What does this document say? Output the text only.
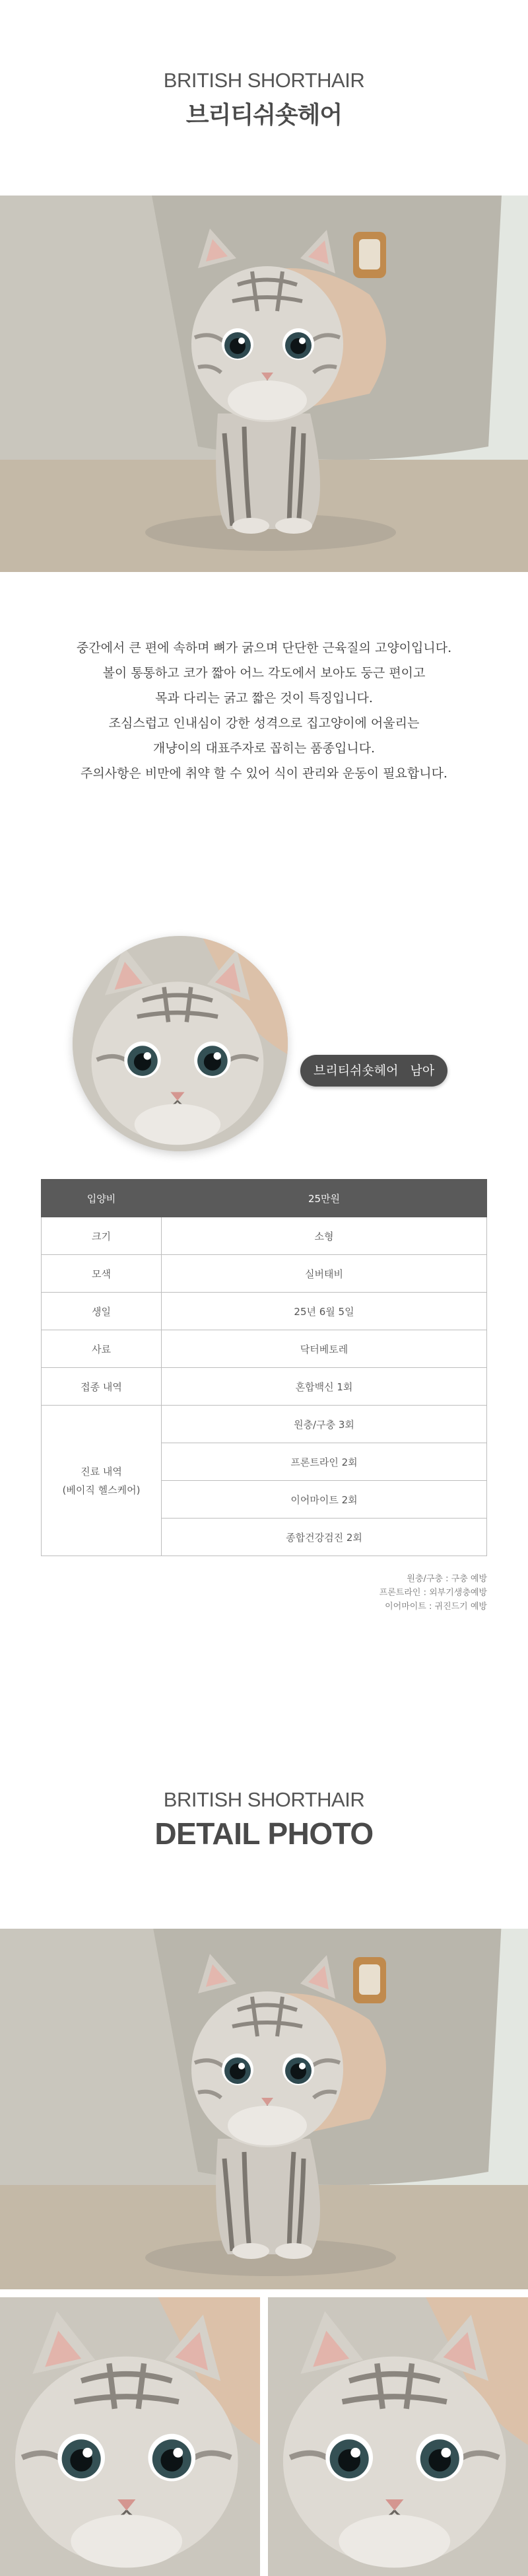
BRITISH SHORTHAIR
브리티쉬숏헤어

중간에서 큰 편에 속하며 뼈가 굵으며 단단한 근육질의 고양이입니다.

볼이 통통하고 코가 짧아 어느 각도에서 보아도 둥근 편이고

목과 다리는 굵고 짧은 것이 특징입니다.

조심스럽고 인내심이 강한 성격으로 집고양이에 어울리는

개냥이의 대표주자로 꼽히는 품종입니다.

주의사항은 비만에 취약 할 수 있어 식이 관리와 운동이 필요합니다.

브리티쉬숏헤어 남아
입양비	25만원
크기	소형
모색	실버태비
생일	25년 6월 5일
사료	닥터베토레
접종 내역	혼합백신 1회

진료 내역
(베이직 헬스케어)	원충/구충 3회
	프론트라인 2회
	이어마이트 2회
	종합건강검진 2회

원충/구충 : 구충 예방

프론트라인 : 외부기생충예방

이어마이트 : 귀진드기 예방

BRITISH SHORTHAIR
DETAIL PHOTO
